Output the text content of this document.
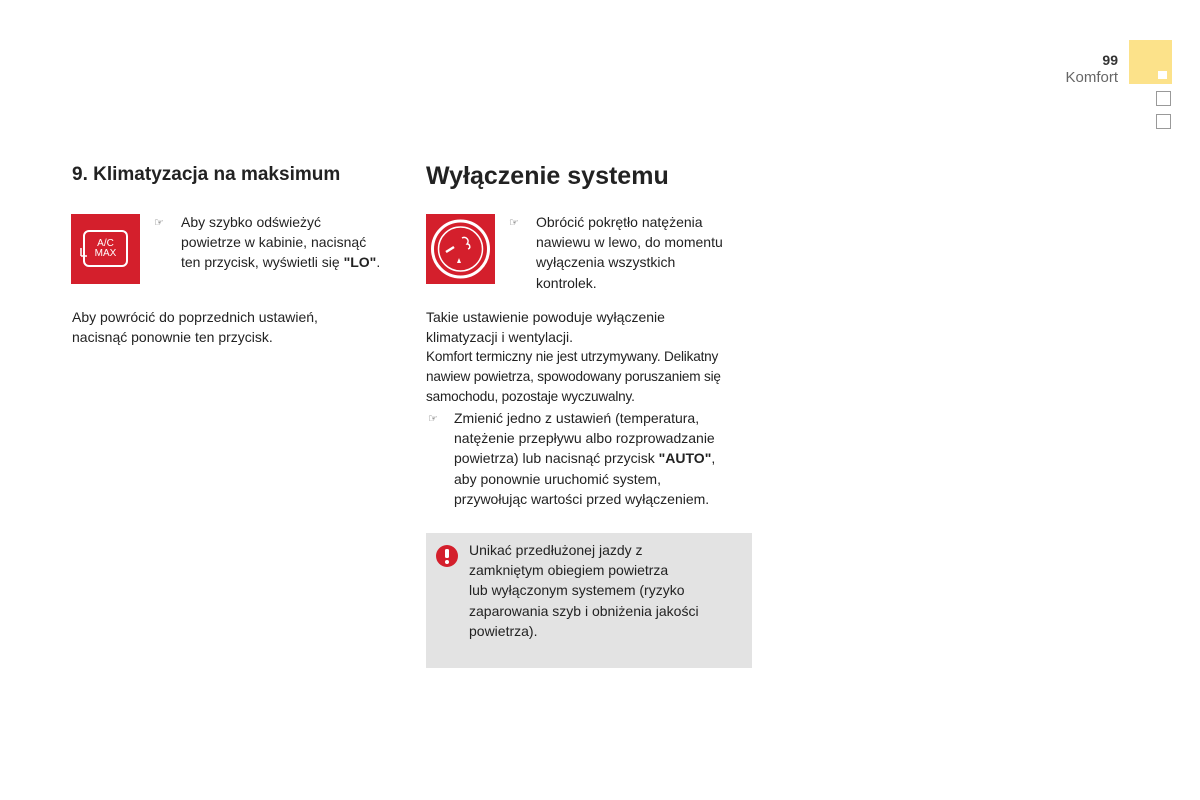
99
Komfort
9. Klimatyzacja na maksimum
A/C
MAX
☞ Aby szybko odświeżyć
powietrze w kabinie, nacisnąć
ten przycisk, wyświetli się "LO".
Aby powrócić do poprzednich ustawień,
nacisnąć ponownie ten przycisk.
Wyłączenie systemu
☞ Obrócić pokrętło natężenia
nawiewu w lewo, do momentu
wyłączenia wszystkich
kontrolek.
Takie ustawienie powoduje wyłączenie
klimatyzacji i wentylacji.
Komfort termiczny nie jest utrzymywany. Delikatny
nawiew powietrza, spowodowany poruszaniem się
samochodu, pozostaje wyczuwalny.
☞ Zmienić jedno z ustawień (temperatura,
natężenie przepływu albo rozprowadzanie
powietrza) lub nacisnąć przycisk "AUTO",
aby ponownie uruchomić system,
przywołując wartości przed wyłączeniem.
Unikać przedłużonej jazdy z
zamkniętym obiegiem powietrza
lub wyłączonym systemem (ryzyko
zaparowania szyb i obniżenia jakości
powietrza).
